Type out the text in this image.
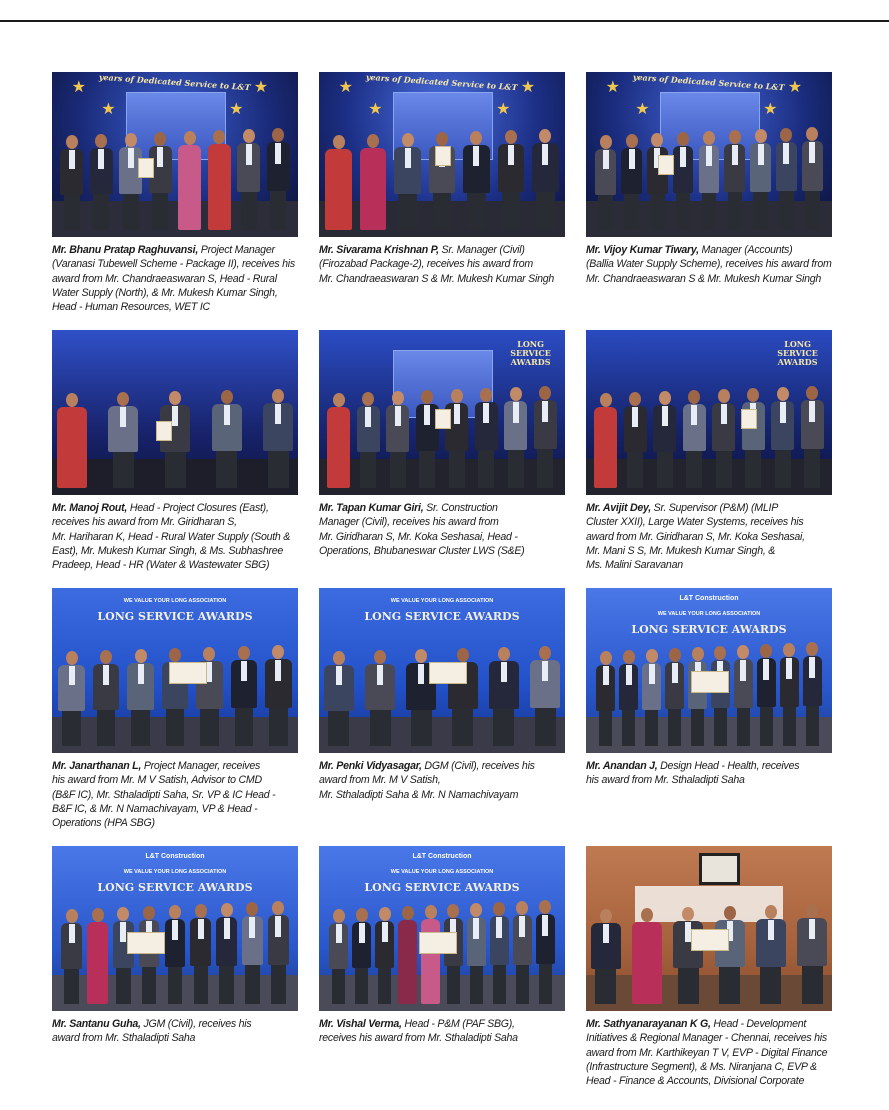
years of Dedicated Service to L&T
★	★
★	★
Mr. Bhanu Pratap Raghuvansi, Project Manager
(Varanasi Tubewell Scheme - Package II), receives his
award from Mr. Chandraeaswaran S, Head - Rural
Water Supply (North), & Mr. Mukesh Kumar Singh,
Head - Human Resources, WET IC
years of Dedicated Service to L&T
★	★
★	★
Mr. Sivarama Krishnan P, Sr. Manager (Civil)
(Firozabad Package-2), receives his award from
Mr. Chandraeaswaran S & Mr. Mukesh Kumar Singh
years of Dedicated Service to L&T
★	★
★	★
Mr. Vijoy Kumar Tiwary, Manager (Accounts)
(Ballia Water Supply Scheme), receives his award from
Mr. Chandraeaswaran S & Mr. Mukesh Kumar Singh
Mr. Manoj Rout, Head - Project Closures (East),
receives his award from Mr. Giridharan S,
Mr. Hariharan K, Head - Rural Water Supply (South &
East), Mr. Mukesh Kumar Singh, & Ms. Subhashree
Pradeep, Head - HR (Water & Wastewater SBG)
LONG SERVICE AWARDS
Mr. Tapan Kumar Giri, Sr. Construction
Manager (Civil), receives his award from
Mr. Giridharan S, Mr. Koka Seshasai, Head -
Operations, Bhubaneswar Cluster LWS (S&E)
LONG SERVICE AWARDS
Mr. Avijit Dey, Sr. Supervisor (P&M) (MLIP
Cluster XXII), Large Water Systems, receives his
award from Mr. Giridharan S, Mr. Koka Seshasai,
Mr. Mani S S, Mr. Mukesh Kumar Singh, &
Ms. Malini Saravanan
WE VALUE YOUR LONG ASSOCIATION
LONG SERVICE AWARDS
Mr. Janarthanan L, Project Manager, receives
his award from Mr. M V Satish, Advisor to CMD
(B&F IC), Mr. Sthaladipti Saha, Sr. VP & IC Head -
B&F IC, & Mr. N Namachivayam, VP & Head -
Operations (HPA SBG)
WE VALUE YOUR LONG ASSOCIATION
LONG SERVICE AWARDS
Mr. Penki Vidyasagar, DGM (Civil), receives his
award from Mr. M V Satish,
Mr. Sthaladipti Saha & Mr. N Namachivayam
L&T Construction
WE VALUE YOUR LONG ASSOCIATION
LONG SERVICE AWARDS
Mr. Anandan J, Design Head - Health, receives
his award from Mr. Sthaladipti Saha
L&T Construction
WE VALUE YOUR LONG ASSOCIATION
LONG SERVICE AWARDS
Mr. Santanu Guha, JGM (Civil), receives his
award from Mr. Sthaladipti Saha
L&T Construction
WE VALUE YOUR LONG ASSOCIATION
LONG SERVICE AWARDS
Mr. Vishal Verma, Head - P&M (PAF SBG),
receives his award from Mr. Sthaladipti Saha
Mr. Sathyanarayanan K G, Head - Development
Initiatives & Regional Manager - Chennai, receives his
award from Mr. Karthikeyan T V, EVP - Digital Finance
(Infrastructure Segment), & Ms. Niranjana C, EVP &
Head - Finance & Accounts, Divisional Corporate
